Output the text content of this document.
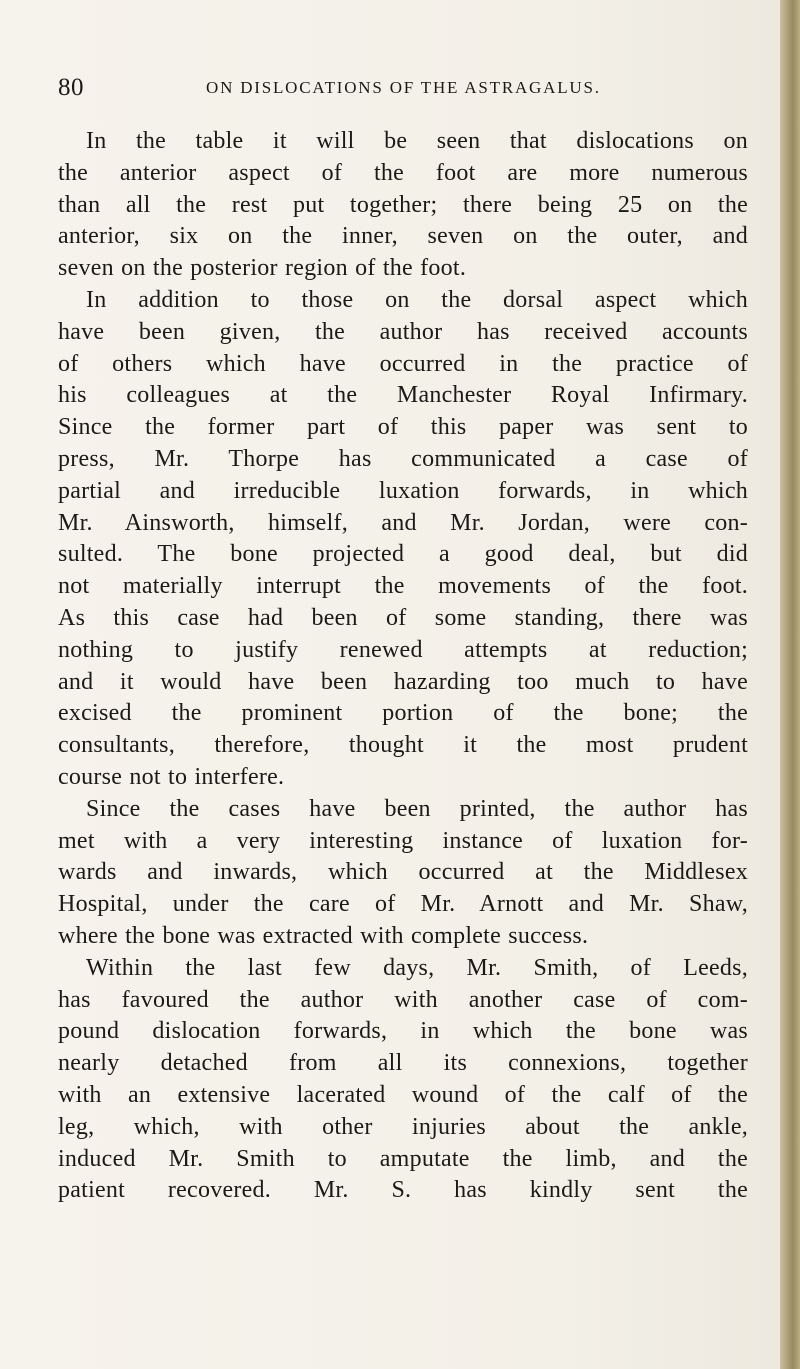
80	ON DISLOCATIONS OF THE ASTRAGALUS.
In the table it will be seen that dislocations on
the anterior aspect of the foot are more numerous
than all the rest put together; there being 25 on the
anterior, six on the inner, seven on the outer, and
seven on the posterior region of the foot.
In addition to those on the dorsal aspect which
have been given, the author has received accounts
of others which have occurred in the practice of
his colleagues at the Manchester Royal Infirmary.
Since the former part of this paper was sent to
press, Mr. Thorpe has communicated a case of
partial and irreducible luxation forwards, in which
Mr. Ainsworth, himself, and Mr. Jordan, were con-
sulted. The bone projected a good deal, but did
not materially interrupt the movements of the foot.
As this case had been of some standing, there was
nothing to justify renewed attempts at reduction;
and it would have been hazarding too much to have
excised the prominent portion of the bone; the
consultants, therefore, thought it the most prudent
course not to interfere.
Since the cases have been printed, the author has
met with a very interesting instance of luxation for-
wards and inwards, which occurred at the Middlesex
Hospital, under the care of Mr. Arnott and Mr. Shaw,
where the bone was extracted with complete success.
Within the last few days, Mr. Smith, of Leeds,
has favoured the author with another case of com-
pound dislocation forwards, in which the bone was
nearly detached from all its connexions, together
with an extensive lacerated wound of the calf of the
leg, which, with other injuries about the ankle,
induced Mr. Smith to amputate the limb, and the
patient recovered. Mr. S. has kindly sent the
